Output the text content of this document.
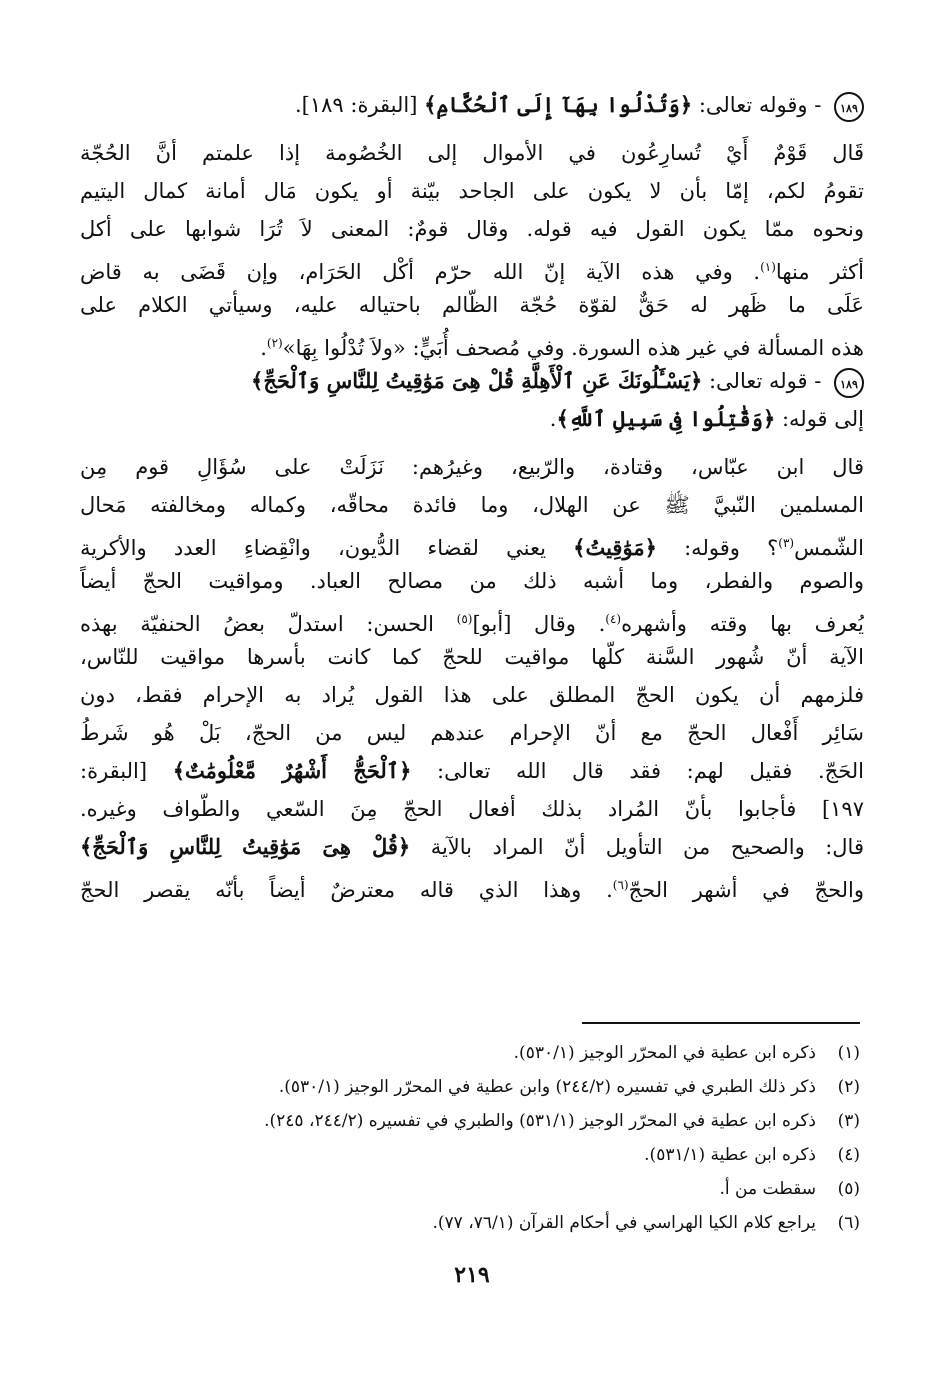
١٨٩ - وقوله تعالى: ﴿وَتُدْلُوا بِهَآ إِلَى ٱلْحُكَّامِ﴾ [البقرة: ١٨٩].
قَال قَوْمٌ أَيْ تُسارِعُون في الأموال إلى الخُصُومة إذا علمتم أنَّ الحُجّة
تقومُ لكم، إمّا بأن لا يكون على الجاحد بيّنة أو يكون مَال أمانة كمال اليتيم
ونحوه ممّا يكون القول فيه قوله. وقال قومٌ: المعنى لاَ تُرَا شوابها على أكل
أكثر منها$^{(١)}$. وفي هذه الآية إنّ الله حرّم أكْل الحَرَام، وإن قَضَى به قاضٍ
عَلَى ما ظَهر له حَقٌّ لقوّة حُجّة الظّالم باحتياله عليه، وسيأتي الكلام على
هذه المسألة في غير هذه السورة. وفي مُصحف أُبَيٍّ: «ولاَ تُدْلُوا بِهَا»$^{(٢)}$.
١٨٩ - قوله تعالى: ﴿يَسْـَٔلُونَكَ عَنِ ٱلْأَهِلَّةِ قُلْ هِىَ مَوَٰقِيتُ لِلنَّاسِ وَٱلْحَجِّ﴾
إلى قوله: ﴿وَقَٰتِلُوا فِى سَبِيلِ ٱللَّهِ﴾.
قال ابن عبّاس، وقتادة، والرّبيع، وغيرُهم: نَزَلَتْ على سُؤَالِ قوم مِن
المسلمين النّبيَّ ﷺ عن الهلال، وما فائدة محاقّه، وكماله ومخالفته مَحال
الشّمس$^{(٣)}$؟ وقوله: ﴿مَوَٰقِيتُ﴾ يعني لقضاء الدُّيون، وانْقِضاءِ العدد والأكرية
والصوم والفطر، وما أشبه ذلك من مصالح العباد. ومواقيت الحجّ أيضاً
يُعرف بها وقته وأشهره$^{(٤)}$. وقال [أبو]$^{(٥)}$ الحسن: استدلّ بعضُ الحنفيّة بهذه
الآية أنّ شُهور السَّنة كلّها مواقيت للحجّ كما كانت بأسرها مواقيت للنّاس،
فلزمهم أن يكون الحجّ المطلق على هذا القول يُراد به الإحرام فقط، دون
سَائِر أَفْعال الحجّ مع أنّ الإحرام عندهم ليس من الحجّ، بَلْ هُو شَرطُ
الحَجّ. فقيل لهم: فقد قال الله تعالى: ﴿ٱلْحَجُّ أَشْهُرٌ مَّعْلُومَٰتٌ﴾ [البقرة:
١٩٧] فأجابوا بأنّ المُراد بذلك أفعال الحجّ مِنَ السّعي والطّواف وغيره.
قال: والصحيح من التأويل أنّ المراد بالآية ﴿قُلْ هِىَ مَوَٰقِيتُ لِلنَّاسِ وَٱلْحَجِّ﴾
والحجّ في أشهر الحجّ$^{(٦)}$. وهذا الذي قاله معترضٌ أيضاً بأنّه يقصر الحجّ
(١)ذكره ابن عطية في المحرّر الوجيز (٥٣٠/١).
(٢)ذكر ذلك الطبري في تفسيره (٢٤٤/٢) وابن عطية في المحرّر الوجيز (٥٣٠/١).
(٣)ذكره ابن عطية في المحرّر الوجيز (٥٣١/١) والطبري في تفسيره (٢٤٤/٢، ٢٤٥).
(٤)ذكره ابن عطية (٥٣١/١).
(٥)سقطت من أ.
(٦)يراجع كلام الكيا الهراسي في أحكام القرآن (٧٦/١، ٧٧).
٢١٩
